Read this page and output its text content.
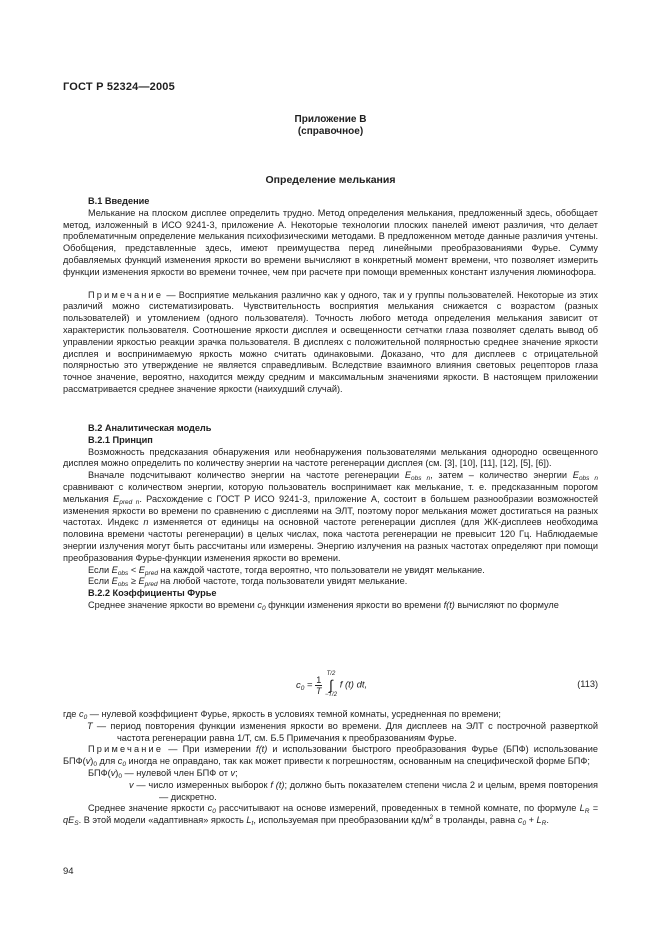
ГОСТ Р 52324—2005
Приложение В
(справочное)
Определение мелькания

В.1 Введение

Мелькание на плоском дисплее определить трудно. Метод определения мелькания, предложенный здесь, обобщает метод, изложенный в ИСО 9241-3, приложение А. Некоторые технологии плоских панелей имеют различия, что делает проблематичным определение мелькания психофизическими методами. В предложенном методе данные различия учтены. Обобщения, представленные здесь, имеют преимущества перед линейными преобразованиями Фурье. Сумму добавляемых функций изменения яркости во времени вычисляют в конкретный момент времени, что позволяет измерить функции изменения яркости во времени точнее, чем при расчете при помощи временных констант излучения люминофора.

Примечание — Восприятие мелькания различно как у одного, так и у группы пользователей. Некоторые из этих различий можно систематизировать. Чувствительность восприятия мелькания снижается с возрастом (разных пользователей) и утомлением (одного пользователя). Точность любого метода определения мелькания зависит от характеристик пользователя. Соотношение яркости дисплея и освещенности сетчатки глаза позволяет сделать вывод об управлении яркостью реакции зрачка пользователя. В дисплеях с положительной полярностью среднее значение яркости дисплея и воспринимаемую яркость можно считать одинаковыми. Доказано, что для дисплеев с отрицательной полярностью это утверждение не является справедливым. Вследствие взаимного влияния световых рецепторов глаза точное значение, вероятно, находится между средним и максимальным значениями яркости. В настоящем приложении рассматривается среднее значение яркости (наихудший случай).

В.2 Аналитическая модель

В.2.1 Принцип

Возможность предсказания обнаружения или необнаружения пользователями мелькания однородно освещенного дисплея можно определить по количеству энергии на частоте регенерации дисплея (см. [3], [10], [11], [12], [5], [6]).

Вначале подсчитывают количество энергии на частоте регенерации $E_{obs n}$, затем – количество энергии $E_{obs n}$ сравнивают с количеством энергии, которую пользователь воспринимает как мелькание, т. е. предсказанным порогом мелькания $E_{pred n}$. Расхождение с ГОСТ Р ИСО 9241-3, приложение А, состоит в большем разнообразии возможностей изменения яркости во времени по сравнению с дисплеями на ЭЛТ, поэтому порог мелькания может достигаться на разных частотах. Индекс n изменяется от единицы на основной частоте регенерации дисплея (для ЖК-дисплеев необходима половина времени частоты регенерации) в целых числах, пока частота регенерации не превысит 120 Гц. Наблюдаемые энергии излучения могут быть рассчитаны или измерены. Энергию излучения на разных частотах определяют при помощи преобразования Фурье-функции изменения яркости во времени.

Если $E_{obs} < E_{pred}$ на каждой частоте, тогда вероятно, что пользователи не увидят мелькание.

Если $E_{obs} \ge E_{pred}$ на любой частоте, тогда пользователи увидят мелькание.

В.2.2 Коэффициенты Фурье

Среднее значение яркости во времени $c_0$ функции изменения яркости во времени f(t) вычисляют по формуле

$c_0 = \frac{1}{T}$

T/2
∫
−T/2
f (t) dt,	(113)

где $c_0$ — нулевой коэффициент Фурье, яркость в условиях темной комнаты, усредненная по времени;

T — период повторения функции изменения яркости во времени. Для дисплеев на ЭЛТ с построчной разверткой частота регенерации равна 1/T, см. Б.5 Примечания к преобразованиям Фурье.

Примечание — При измерении f(t) и использовании быстрого преобразования Фурье (БПФ) использование $БПФ(v)_0$ для $c_0$ иногда не оправдано, так как может привести к погрешностям, основанным на специфической форме БПФ;

$БПФ(v)_0$ — нулевой член БПФ от v;

v — число измеренных выборок f (t); должно быть показателем степени числа 2 и целым, время повторения — дискретно.

Среднее значение яркости $c_0$ рассчитывают на основе измерений, проведенных в темной комнате, по формуле $L_R = qE_S$. В этой модели «адаптивная» яркость $L_t$, используемая при преобразовании $кд/м^2$ в троланды, равна $c_0 + L_R$.

94
